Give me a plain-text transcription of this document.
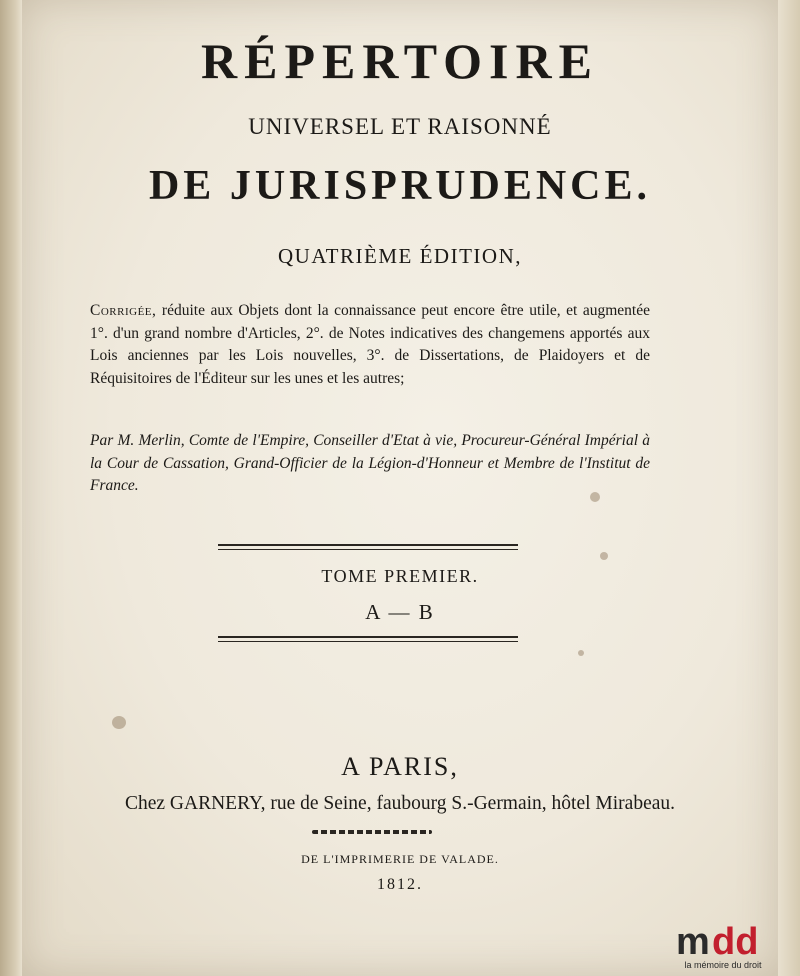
RÉPERTOIRE
UNIVERSEL ET RAISONNÉ
DE JURISPRUDENCE.
QUATRIÈME ÉDITION,
Corrigée, réduite aux Objets dont la connaissance peut encore être utile, et augmentée 1°. d'un grand nombre d'Articles, 2°. de Notes indicatives des changemens apportés aux Lois anciennes par les Lois nouvelles, 3°. de Dissertations, de Plaidoyers et de Réquisitoires de l'Éditeur sur les unes et les autres;
Par M. Merlin, Comte de l'Empire, Conseiller d'Etat à vie, Procureur-Général Impérial à la Cour de Cassation, Grand-Officier de la Légion-d'Honneur et Membre de l'Institut de France.
TOME PREMIER.
A — B
A PARIS,
Chez GARNERY, rue de Seine, faubourg S.-Germain, hôtel Mirabeau.
DE L'IMPRIMERIE DE VALADE.
1812.
m dd
la mémoire du droit
